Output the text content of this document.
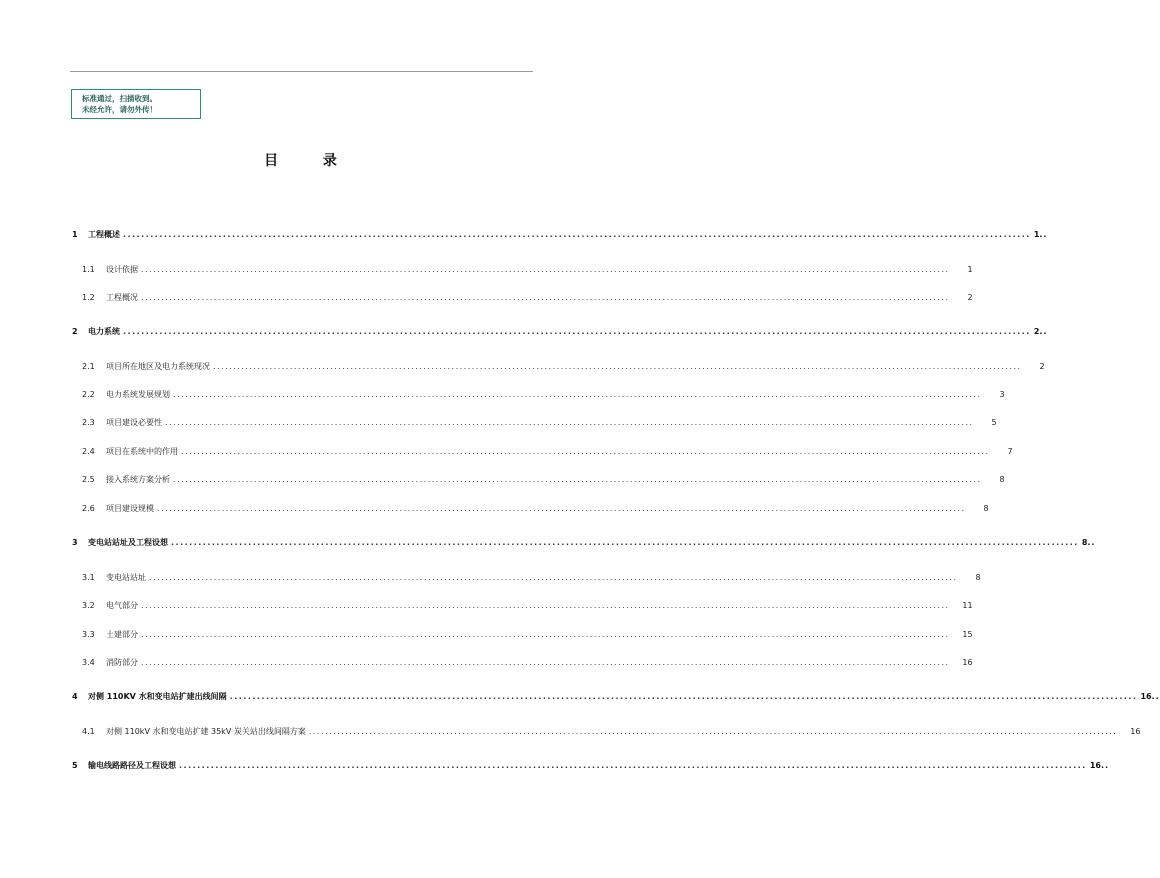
标准通过，扫描收到。
未经允许，请勿外传！
目 录
1	工程概述 ........................................................................................................................................................................................................ 1 ..
1.1	设计依据 ........................................................................................................................................................................................................	1
1.2	工程概况 ........................................................................................................................................................................................................	2
2	电力系统 ........................................................................................................................................................................................................ 2 ..
2.1	项目所在地区及电力系统现况 ........................................................................................................................................................................................................	2
2.2	电力系统发展规划 ........................................................................................................................................................................................................	3
2.3	项目建设必要性 ........................................................................................................................................................................................................	5
2.4	项目在系统中的作用 ........................................................................................................................................................................................................	7
2.5	接入系统方案分析 ........................................................................................................................................................................................................	8
2.6	项目建设规模 ........................................................................................................................................................................................................	8
3	变电站站址及工程设想 ........................................................................................................................................................................................................ 8 ..
3.1	变电站站址 ........................................................................................................................................................................................................	8
3.2	电气部分 ........................................................................................................................................................................................................	11
3.3	土建部分 ........................................................................................................................................................................................................	15
3.4	消防部分 ........................................................................................................................................................................................................	16
4	对侧 110KV 水和变电站扩建出线间隔 ........................................................................................................................................................................................................ 16 ..
4.1	对侧 110kV 水和变电站扩建 35kV 炭关站出线间隔方案 ........................................................................................................................................................................................................	16
5	输电线路路径及工程设想 ........................................................................................................................................................................................................ 16 ..
